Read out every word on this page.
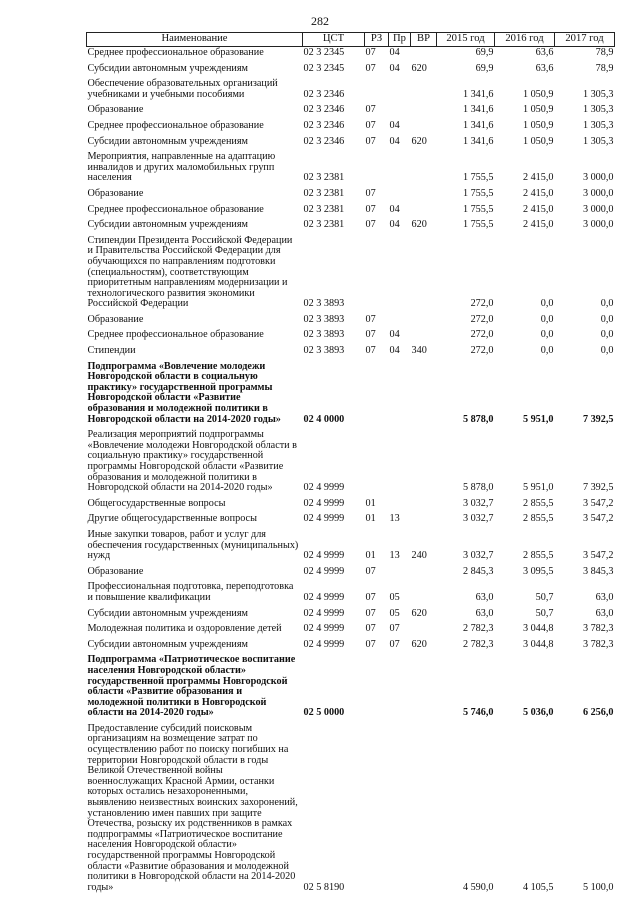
282
Наименование	ЦСТ	РЗ	Пр	ВР	2015 год	2016 год	2017 год
Среднее профессиональное образование	02 3 2345	07	04		69,9	63,6	78,9
Субсидии автономным учреждениям	02 3 2345	07	04	620	69,9	63,6	78,9
Обеспечение образовательных организаций учебниками и учебными пособиями	02 3 2346				1 341,6	1 050,9	1 305,3
Образование	02 3 2346	07			1 341,6	1 050,9	1 305,3
Среднее профессиональное образование	02 3 2346	07	04		1 341,6	1 050,9	1 305,3
Субсидии автономным учреждениям	02 3 2346	07	04	620	1 341,6	1 050,9	1 305,3
Мероприятия, направленные на адаптацию инвалидов и других маломобильных групп населения	02 3 2381				1 755,5	2 415,0	3 000,0
Образование	02 3 2381	07			1 755,5	2 415,0	3 000,0
Среднее профессиональное образование	02 3 2381	07	04		1 755,5	2 415,0	3 000,0
Субсидии автономным учреждениям	02 3 2381	07	04	620	1 755,5	2 415,0	3 000,0
Стипендии Президента Российской Федерации и Правительства Российской Федерации для обучающихся по направлениям подготовки (специальностям), соответствующим приоритетным направлениям модернизации и технологического развития экономики Российской Федерации	02 3 3893				272,0	0,0	0,0
Образование	02 3 3893	07			272,0	0,0	0,0
Среднее профессиональное образование	02 3 3893	07	04		272,0	0,0	0,0
Стипендии	02 3 3893	07	04	340	272,0	0,0	0,0
Подпрограмма «Вовлечение молодежи Новгородской области в социальную практику» государственной программы Новгородской области «Развитие образования и молодежной политики в Новгородской области на 2014-2020 годы»	02 4 0000				5 878,0	5 951,0	7 392,5
Реализация мероприятий подпрограммы «Вовлечение молодежи Новгородской области в социальную практику» государственной программы Новгородской области «Развитие образования и молодежной политики в Новгородской области на 2014-2020 годы»	02 4 9999				5 878,0	5 951,0	7 392,5
Общегосударственные вопросы	02 4 9999	01			3 032,7	2 855,5	3 547,2
Другие общегосударственные вопросы	02 4 9999	01	13		3 032,7	2 855,5	3 547,2
Иные закупки товаров, работ и услуг для обеспечения государственных (муниципальных) нужд	02 4 9999	01	13	240	3 032,7	2 855,5	3 547,2
Образование	02 4 9999	07			2 845,3	3 095,5	3 845,3
Профессиональная подготовка, переподготовка и повышение квалификации	02 4 9999	07	05		63,0	50,7	63,0
Субсидии автономным учреждениям	02 4 9999	07	05	620	63,0	50,7	63,0
Молодежная политика и оздоровление детей	02 4 9999	07	07		2 782,3	3 044,8	3 782,3
Субсидии автономным учреждениям	02 4 9999	07	07	620	2 782,3	3 044,8	3 782,3
Подпрограмма «Патриотическое воспитание населения Новгородской области» государственной программы Новгородской области «Развитие образования и молодежной политики в Новгородской области на 2014-2020 годы»	02 5 0000				5 746,0	5 036,0	6 256,0
Предоставление субсидий поисковым организациям на возмещение затрат по осуществлению работ по поиску погибших на территории Новгородской области в годы Великой Отечественной войны военнослужащих Красной Армии, останки которых остались незахороненными, выявлению неизвестных воинских захоронений, установлению имен павших при защите Отечества, розыску их родственников в рамках подпрограммы «Патриотическое воспитание населения Новгородской области» государственной программы Новгородской области «Развитие образования и молодежной политики в Новгородской области на 2014-2020 годы»	02 5 8190				4 590,0	4 105,5	5 100,0
